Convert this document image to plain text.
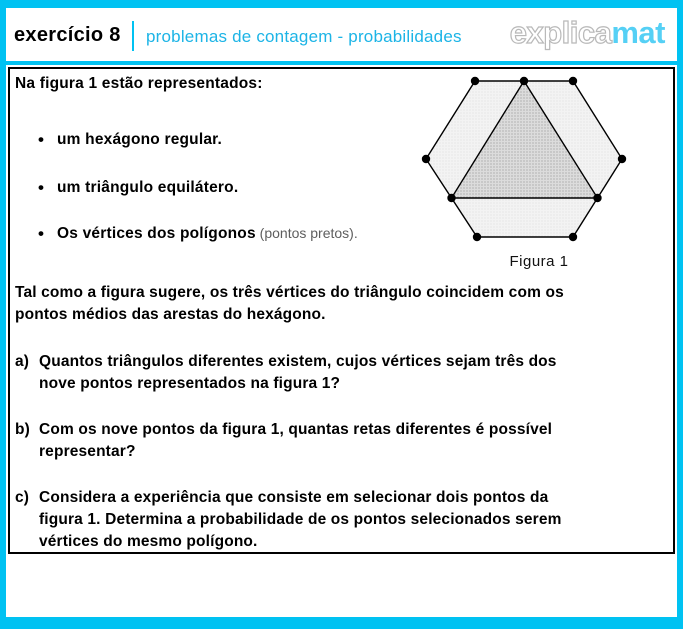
exercício 8 problemas de contagem - probabilidades explicamat
Na figura 1 estão representados:
• um hexágono regular.
• um triângulo equilátero.
• Os vértices dos polígonos (pontos pretos).
Figura 1
Tal como a figura sugere, os três vértices do triângulo coincidem com os
pontos médios das arestas do hexágono.
a) Quantos triângulos diferentes existem, cujos vértices sejam três dos
nove pontos representados na figura 1?
b) Com os nove pontos da figura 1, quantas retas diferentes é possível
representar?
c) Considera a experiência que consiste em selecionar dois pontos da
figura 1. Determina a probabilidade de os pontos selecionados serem
vértices do mesmo polígono.
